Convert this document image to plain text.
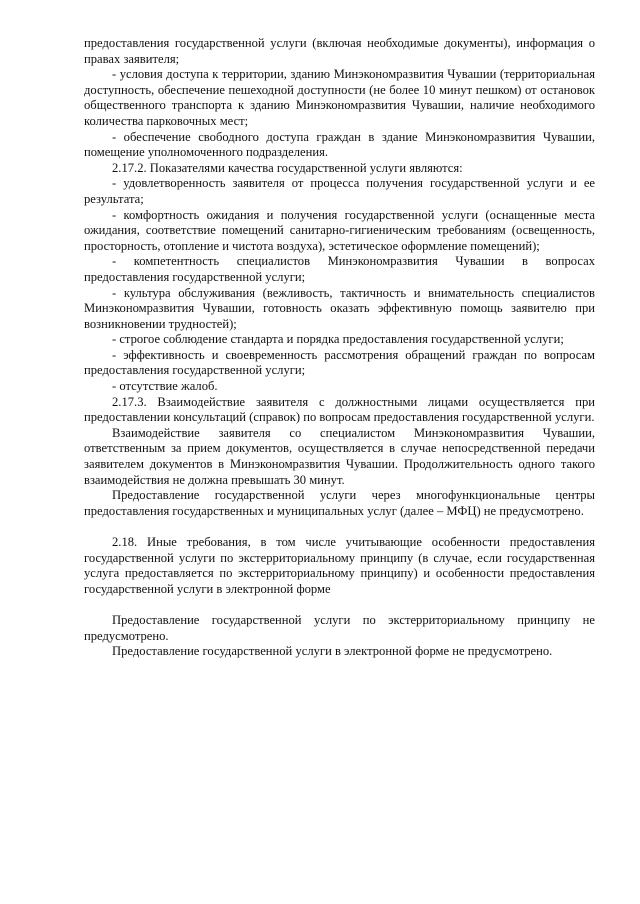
предоставления государственной услуги (включая необходимые документы), информация о правах заявителя;

- условия доступа к территории, зданию Минэкономразвития Чувашии (территориальная доступность, обеспечение пешеходной доступности (не более 10 минут пешком) от остановок общественного транспорта к зданию Минэкономразвития Чувашии, наличие необходимого количества парковочных мест;

- обеспечение свободного доступа граждан в здание Минэкономразвития Чувашии, помещение уполномоченного подразделения.

2.17.2. Показателями качества государственной услуги являются:

- удовлетворенность заявителя от процесса получения государственной услуги и ее результата;

- комфортность ожидания и получения государственной услуги (оснащенные места ожидания, соответствие помещений санитарно-гигиеническим требованиям (освещенность, просторность, отопление и чистота воздуха), эстетическое оформление помещений);

- компетентность специалистов Минэкономразвития Чувашии в вопросах предоставления государственной услуги;

- культура обслуживания (вежливость, тактичность и внимательность специалистов Минэкономразвития Чувашии, готовность оказать эффективную помощь заявителю при возникновении трудностей);

- строгое соблюдение стандарта и порядка предоставления государственной услуги;

- эффективность и своевременность рассмотрения обращений граждан по вопросам предоставления государственной услуги;

- отсутствие жалоб.

2.17.3. Взаимодействие заявителя с должностными лицами осуществляется при предоставлении консультаций (справок) по вопросам предоставления государственной услуги.

Взаимодействие заявителя со специалистом Минэкономразвития Чувашии, ответственным за прием документов, осуществляется в случае непосредственной передачи заявителем документов в Минэкономразвития Чувашии. Продолжительность одного такого взаимодействия не должна превышать 30 минут.

Предоставление государственной услуги через многофункциональные центры предоставления государственных и муниципальных услуг (далее – МФЦ) не предусмотрено.

2.18. Иные требования, в том числе учитывающие особенности предоставления государственной услуги по экстерриториальному принципу (в случае, если государственная услуга предоставляется по экстерриториальному принципу) и особенности предоставления государственной услуги в электронной форме

Предоставление государственной услуги по экстерриториальному принципу не предусмотрено.

Предоставление государственной услуги в электронной форме не предусмотрено.
